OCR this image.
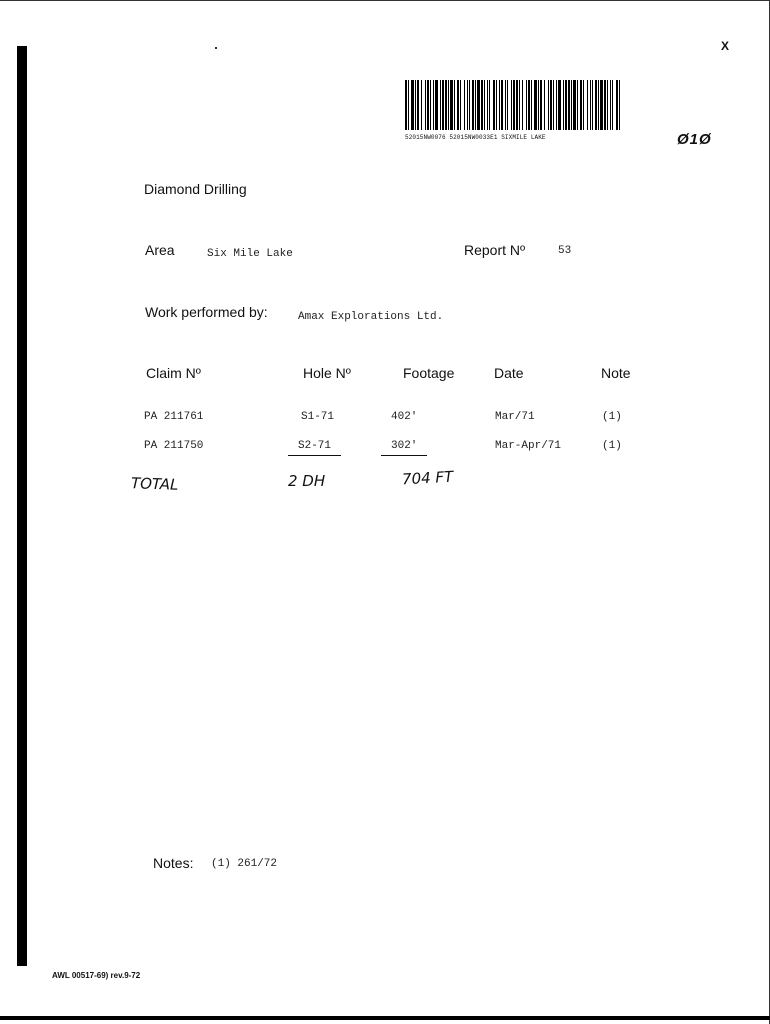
X
52015NW0076 52015NW0033E1 SIXMILE LAKE	Ø1Ø
Diamond Drilling
Area	Six Mile Lake	Report Nº	53
Work performed by:	Amax Explorations Ltd.
Claim Nº	Hole Nº	Footage	Date	Note
PA 211761	S1-71	402'	Mar/71	(1)
PA 211750	S2-71	302'	Mar-Apr/71	(1)
TOTAL	2 DH	704 FT
Notes: (1) 261/72
AWL 00517-69) rev.9-72
